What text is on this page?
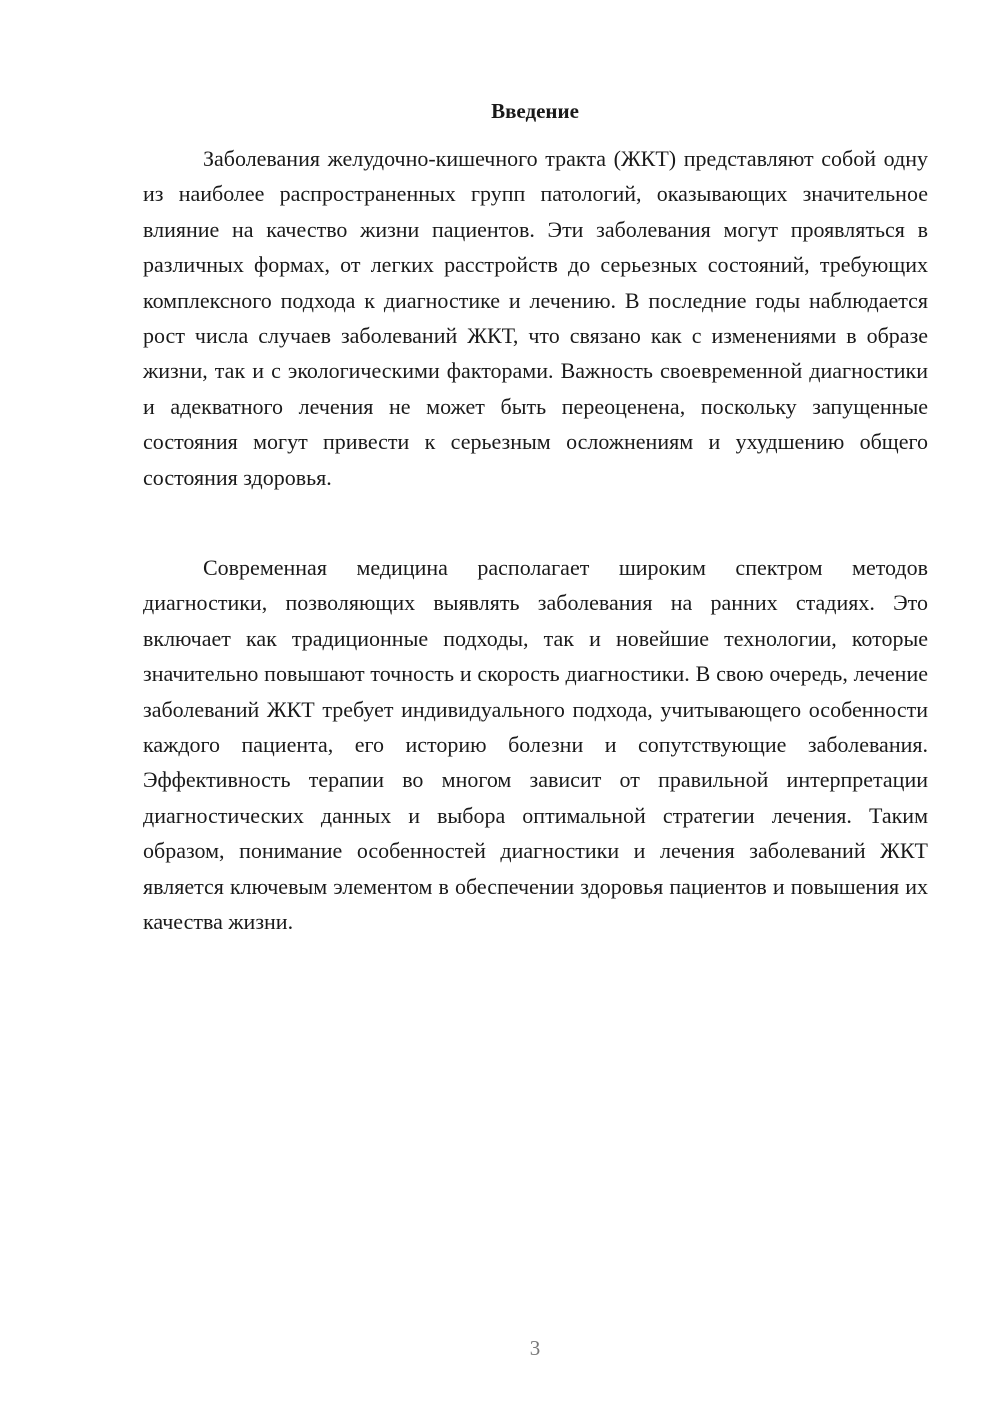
Введение

Заболевания желудочно-кишечного тракта (ЖКТ) представляют собой одну из наиболее распространенных групп патологий, оказывающих значительное влияние на качество жизни пациентов. Эти заболевания могут проявляться в различных формах, от легких расстройств до серьезных состояний, требующих комплексного подхода к диагностике и лечению. В последние годы наблюдается рост числа случаев заболеваний ЖКТ, что связано как с изменениями в образе жизни, так и с экологическими факторами. Важность своевременной диагностики и адекватного лечения не может быть переоценена, поскольку запущенные состояния могут привести к серьезным осложнениям и ухудшению общего состояния здоровья.

Современная медицина располагает широким спектром методов диагностики, позволяющих выявлять заболевания на ранних стадиях. Это включает как традиционные подходы, так и новейшие технологии, которые значительно повышают точность и скорость диагностики. В свою очередь, лечение заболеваний ЖКТ требует индивидуального подхода, учитывающего особенности каждого пациента, его историю болезни и сопутствующие заболевания. Эффективность терапии во многом зависит от правильной интерпретации диагностических данных и выбора оптимальной стратегии лечения. Таким образом, понимание особенностей диагностики и лечения заболеваний ЖКТ является ключевым элементом в обеспечении здоровья пациентов и повышения их качества жизни.

3
